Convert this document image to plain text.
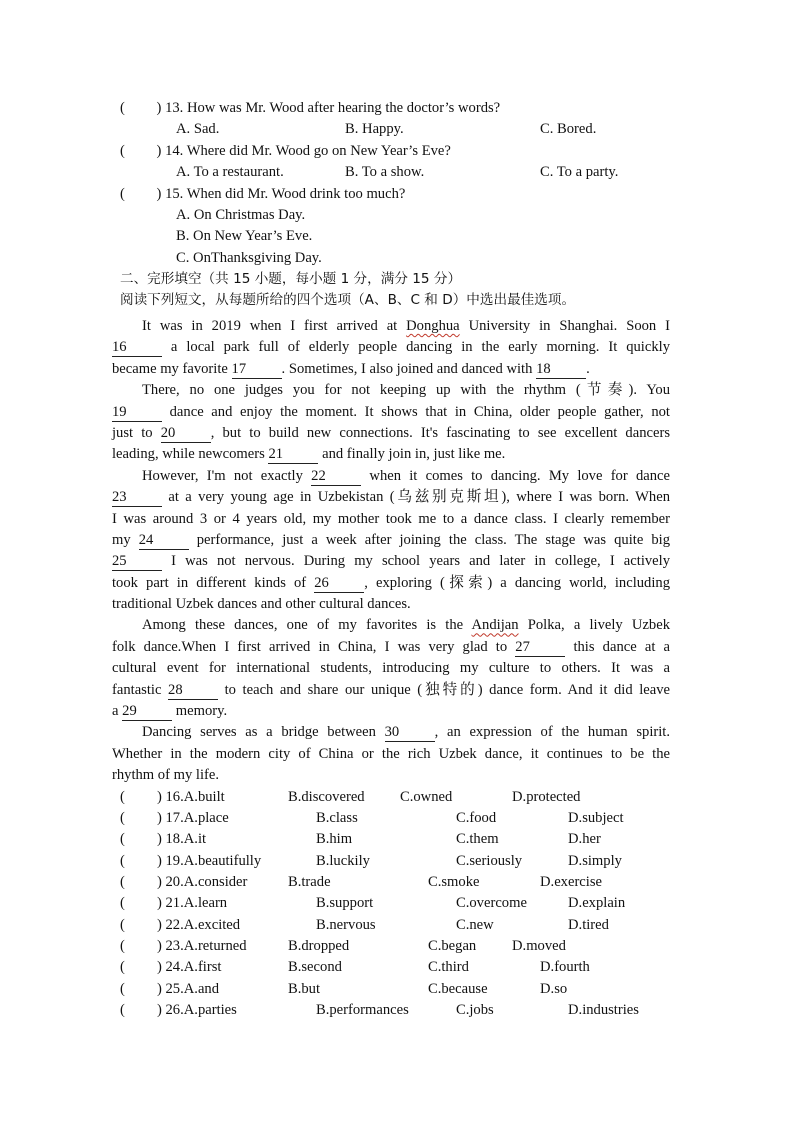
( ) 13. How was Mr. Wood after hearing the doctor’s words?
A. Sad.	B. Happy.	C. Bored.
( ) 14. Where did Mr. Wood go on New Year’s Eve?
A. To a restaurant.	B. To a show.	C. To a party.
( ) 15. When did Mr. Wood drink too much?
A. On Christmas Day.
B. On New Year’s Eve.
C. OnThanksgiving Day.
二、完形填空（共 15 小题，每小题 1 分，满分 15 分）
阅读下列短文，从每题所给的四个选项（A、B、C 和 D）中选出最佳选项。
It was in 2019 when I first arrived at Donghua University in Shanghai. Soon I
16 a local park full of elderly people dancing in the early morning. It quickly
became my favorite 17 . Sometimes, I also joined and danced with 18 .
There, no one judges you for not keeping up with the rhythm (节奏). You
19 dance and enjoy the moment. It shows that in China, older people gather, not
just to 20 , but to build new connections. It's fascinating to see excellent dancers
leading, while newcomers 21 and finally join in, just like me.
However, I'm not exactly 22 when it comes to dancing. My love for dance
23 at a very young age in Uzbekistan (乌兹别克斯坦), where I was born. When
I was around 3 or 4 years old, my mother took me to a dance class. I clearly remember
my 24 performance, just a week after joining the class. The stage was quite big
25 I was not nervous. During my school years and later in college, I actively
took part in different kinds of 26 , exploring (探索) a dancing world, including
traditional Uzbek dances and other cultural dances.
Among these dances, one of my favorites is the Andijan Polka, a lively Uzbek
folk dance.When I first arrived in China, I was very glad to 27 this dance at a
cultural event for international students, introducing my culture to others. It was a
fantastic 28 to teach and share our unique (独特的) dance form. And it did leave
a 29 memory.
Dancing serves as a bridge between 30 , an expression of the human spirit.
Whether in the modern city of China or the rich Uzbek dance, it continues to be the
rhythm of my life.
( ) 16.A.built	B.discovered C.owned	D.protected
( ) 17.A.place	B.class	C.food	D.subject
( ) 18.A.it	B.him	C.them	D.her
( ) 19.A.beautifully	B.luckily	C.seriously	D.simply
( ) 20.A.consider	B.trade	C.smoke	D.exercise
( ) 21.A.learn	B.support	C.overcome	D.explain
( ) 22.A.excited	B.nervous	C.new	D.tired
( ) 23.A.returned	B.dropped	C.began D.moved
( ) 24.A.first	B.second	C.third	D.fourth
( ) 25.A.and	B.but	C.because	D.so
( ) 26.A.parties	B.performances	C.jobs	D.industries
